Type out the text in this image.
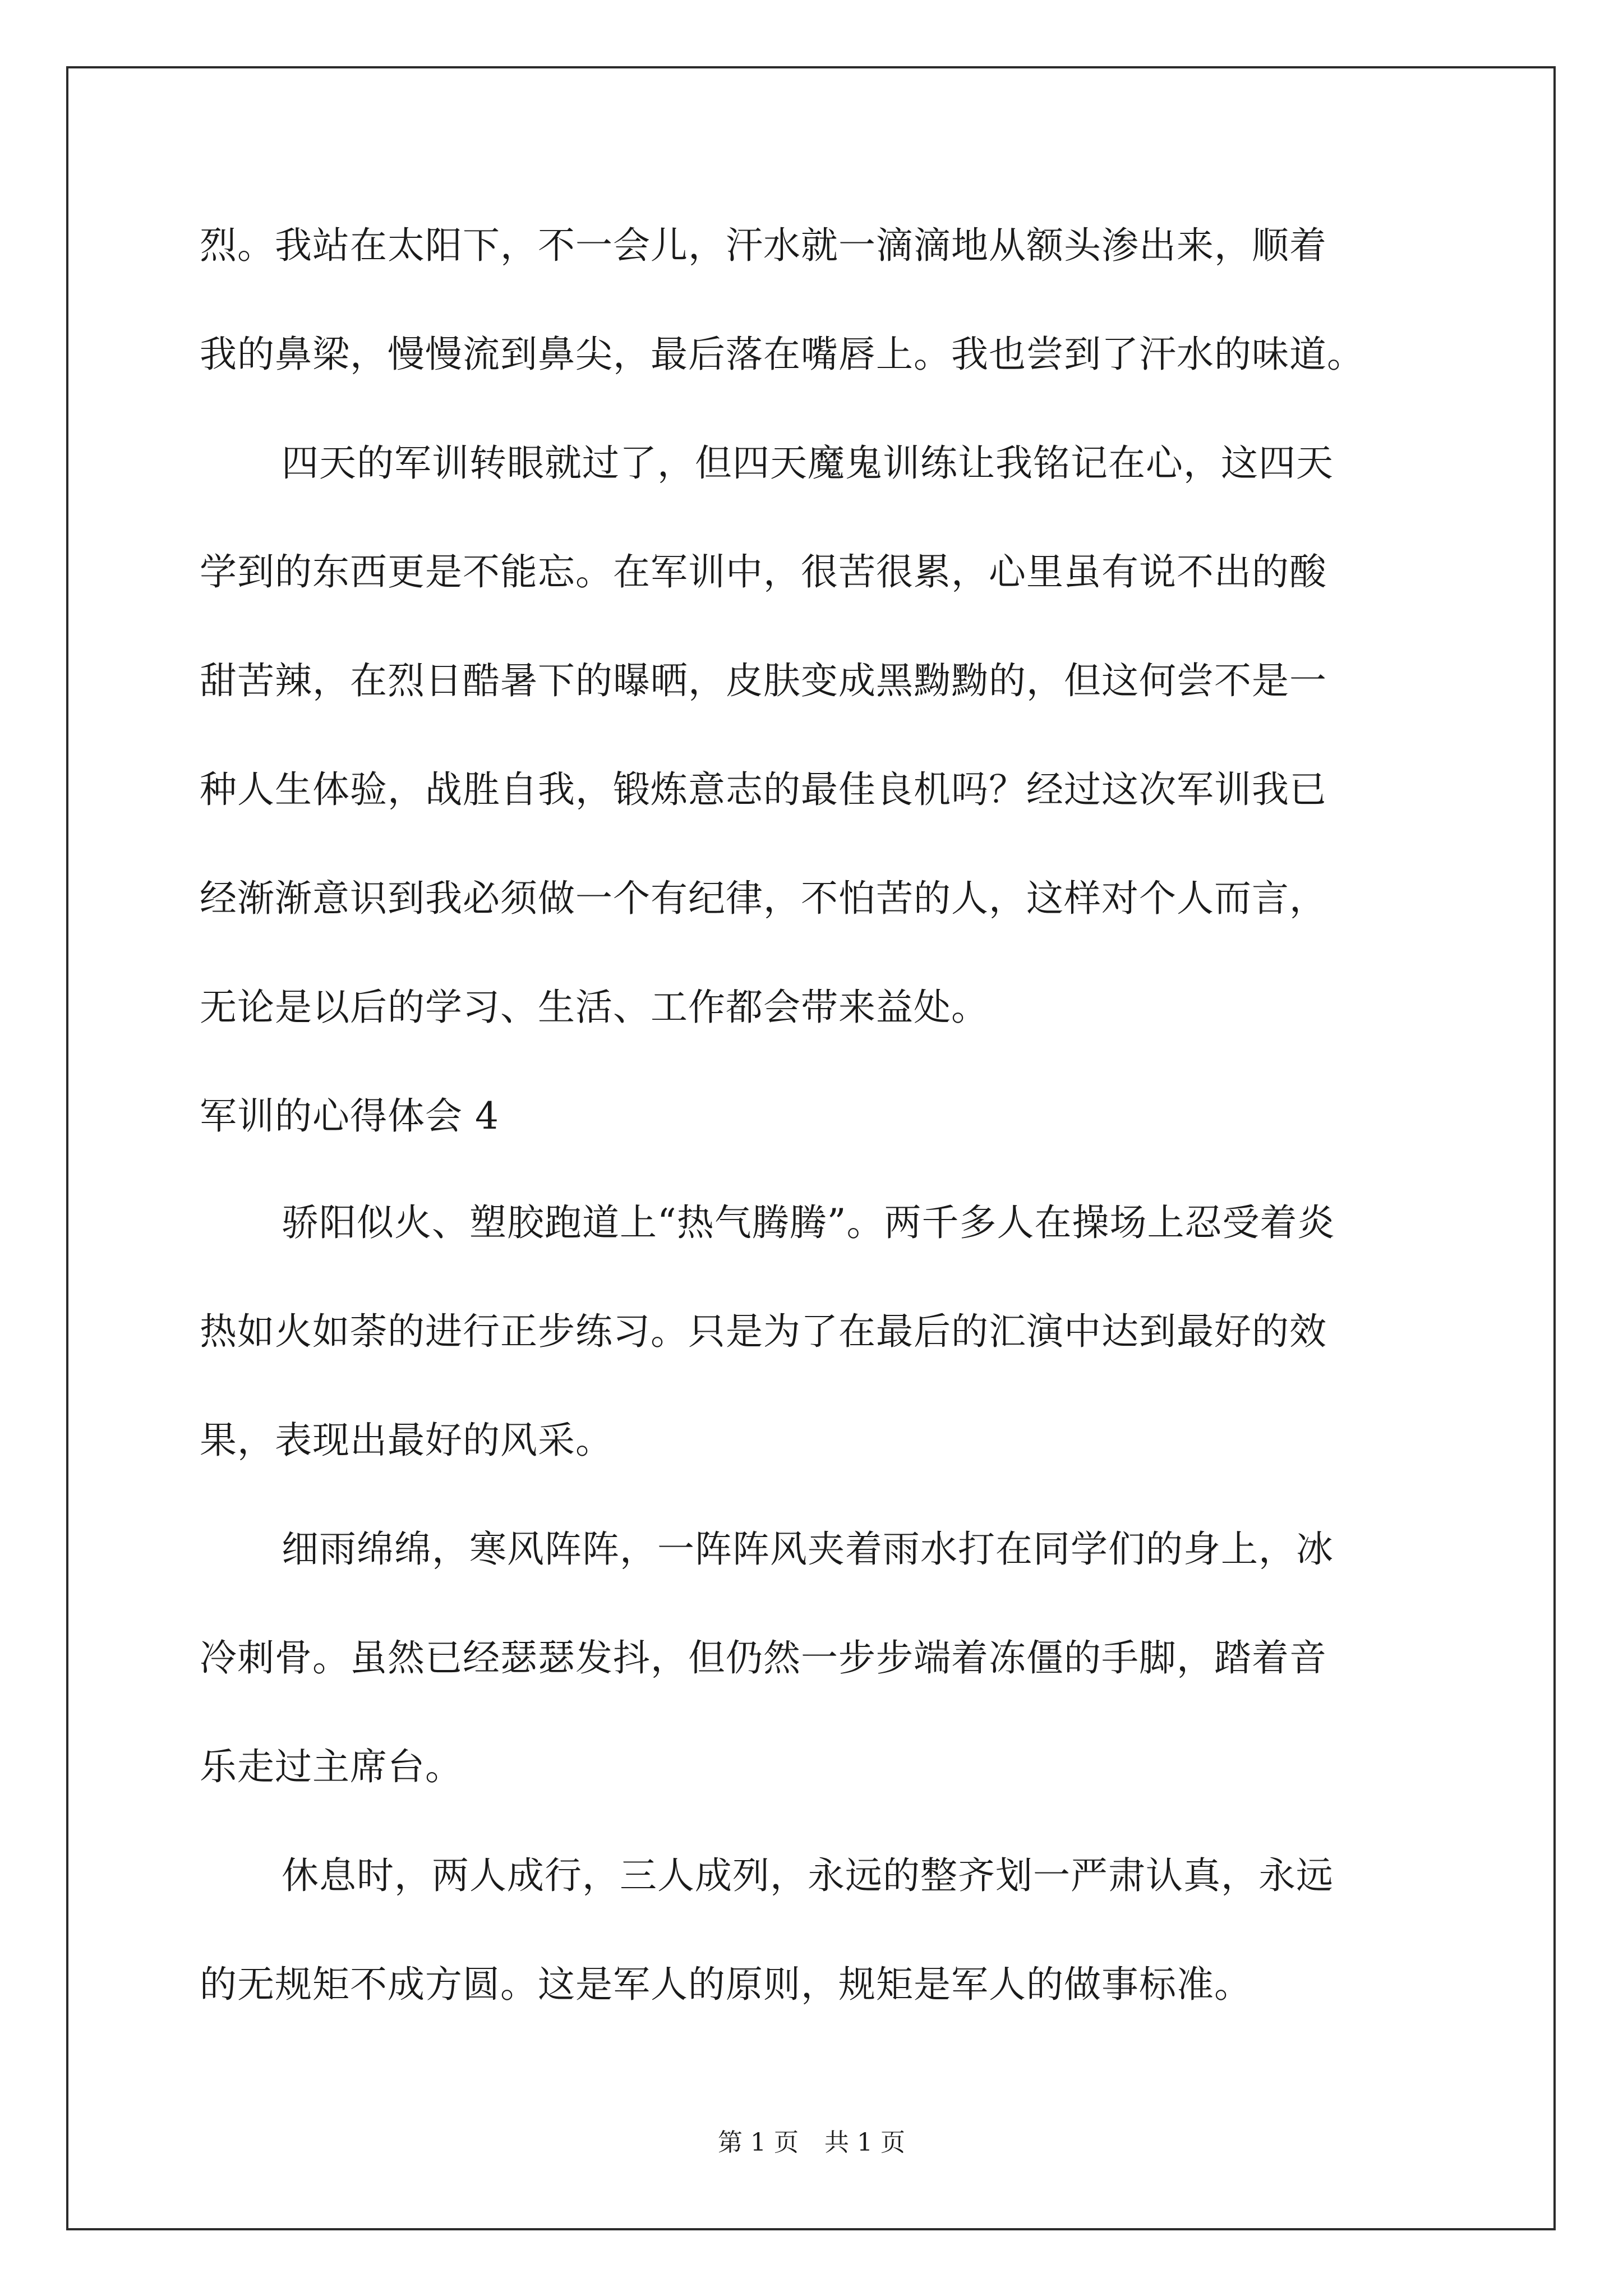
烈。我站在太阳下，不一会儿，汗水就一滴滴地从额头渗出来，顺着
我的鼻梁，慢慢流到鼻尖，最后落在嘴唇上。我也尝到了汗水的味道。
四天的军训转眼就过了，但四天魔鬼训练让我铭记在心，这四天
学到的东西更是不能忘。在军训中，很苦很累，心里虽有说不出的酸
甜苦辣，在烈日酷暑下的曝晒，皮肤变成黑黝黝的，但这何尝不是一
种人生体验，战胜自我，锻炼意志的最佳良机吗？经过这次军训我已
经渐渐意识到我必须做一个有纪律，不怕苦的人，这样对个人而言，
无论是以后的学习、生活、工作都会带来益处。
军训的心得体会 4
骄阳似火、塑胶跑道上“热气腾腾”。两千多人在操场上忍受着炎
热如火如荼的进行正步练习。只是为了在最后的汇演中达到最好的效
果，表现出最好的风采。
细雨绵绵，寒风阵阵，一阵阵风夹着雨水打在同学们的身上，冰
冷刺骨。虽然已经瑟瑟发抖，但仍然一步步端着冻僵的手脚，踏着音
乐走过主席台。
休息时，两人成行，三人成列，永远的整齐划一严肃认真，永远
的无规矩不成方圆。这是军人的原则，规矩是军人的做事标准。
第 1 页 共 1 页
